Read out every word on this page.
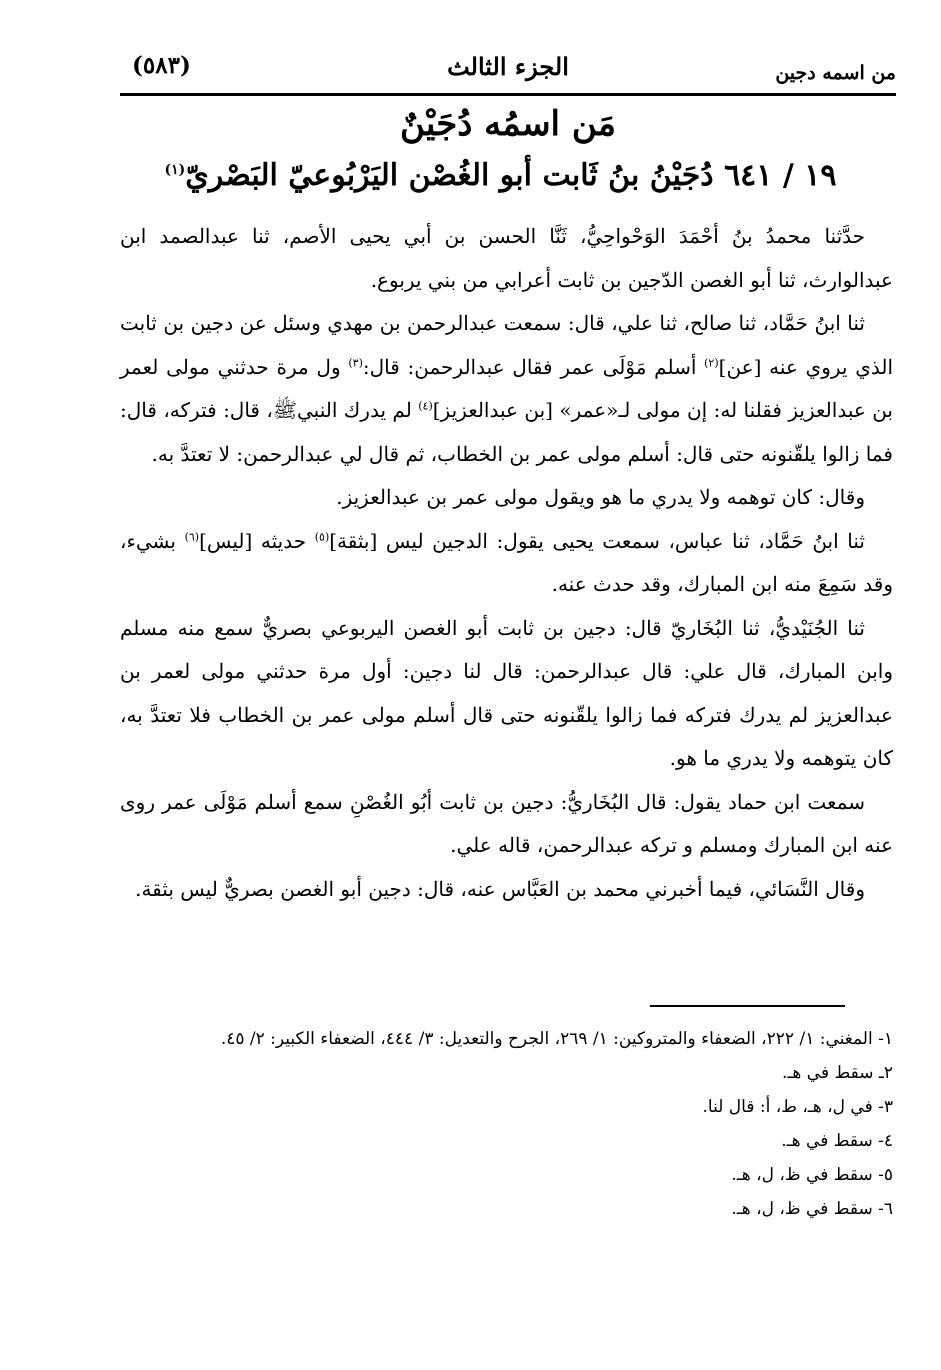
من اسمه دجين
الجزء الثالث
(٥٨٣)
مَن اسمُه دُجَيْنٌ
١٩ / ٦٤١ دُجَيْنُ بنُ ثَابت أبو الغُصْن اليَرْبُوعيّ البَصْريّ$^{(١)}$

حدَّثنا محمدُ بنُ أحْمَدَ الوَحْواحِيُّ، ثَنَّا الحسن بن أبي يحيى الأصم، ثنا عبدالصمد ابن عبدالوارث، ثنا أبو الغصن الدّجين بن ثابت أعرابي من بني يربوع.

ثنا ابنُ حَمَّاد، ثنا صالح، ثنا علي، قال: سمعت عبدالرحمن بن مهدي وسئل عن دجين بن ثابت الذي يروي عنه [عن]$^{(٢)}$ أسلم مَوْلَى عمر فقال عبدالرحمن: قال:$^{(٣)}$ ول مرة حدثني مولى لعمر بن عبدالعزيز فقلنا له: إن مولى لـ«عمر» [بن عبدالعزيز]$^{(٤)}$ لم يدرك النبيﷺ، قال: فتركه، قال: فما زالوا يلقّنونه حتى قال: أسلم مولى عمر بن الخطاب، ثم قال لي عبدالرحمن: لا تعتدَّ به.

وقال: كان توهمه ولا يدري ما هو ويقول مولى عمر بن عبدالعزيز.

ثنا ابنُ حَمَّاد، ثنا عباس، سمعت يحيى يقول: الدجين ليس [بثقة]$^{(٥)}$ حديثه [ليس]$^{(٦)}$ بشيء، وقد سَمِعَ منه ابن المبارك، وقد حدث عنه.

ثنا الجُنَيْديُّ، ثنا البُخَاريّ قال: دجين بن ثابت أبو الغصن اليربوعي بصريٌّ سمع منه مسلم وابن المبارك، قال علي: قال عبدالرحمن: قال لنا دجين: أول مرة حدثني مولى لعمر بن عبدالعزيز لم يدرك فتركه فما زالوا يلقّنونه حتى قال أسلم مولى عمر بن الخطاب فلا تعتدَّ به، كان يتوهمه ولا يدري ما هو.

سمعت ابن حماد يقول: قال البُخَاريُّ: دجين بن ثابت أبُو الغُصْنِ سمع أسلم مَوْلَى عمر روى عنه ابن المبارك ومسلم و تركه عبدالرحمن، قاله علي.

وقال النَّسَائي، فيما أخبرني محمد بن العَبَّاس عنه، قال: دجين أبو الغصن بصريٌّ ليس بثقة.

١- المغني: ١/ ٢٢٢، الضعفاء والمتروكين: ١/ ٢٦٩، الجرح والتعديل: ٣/ ٤٤٤، الضعفاء الكبير: ٢/ ٤٥.

٢ـ سقط في هـ.

٣- في ل، هـ، ط، أ: قال لنا.

٤- سقط في هـ.

٥- سقط في ظ، ل، هـ.

٦- سقط في ظ، ل، هـ.
